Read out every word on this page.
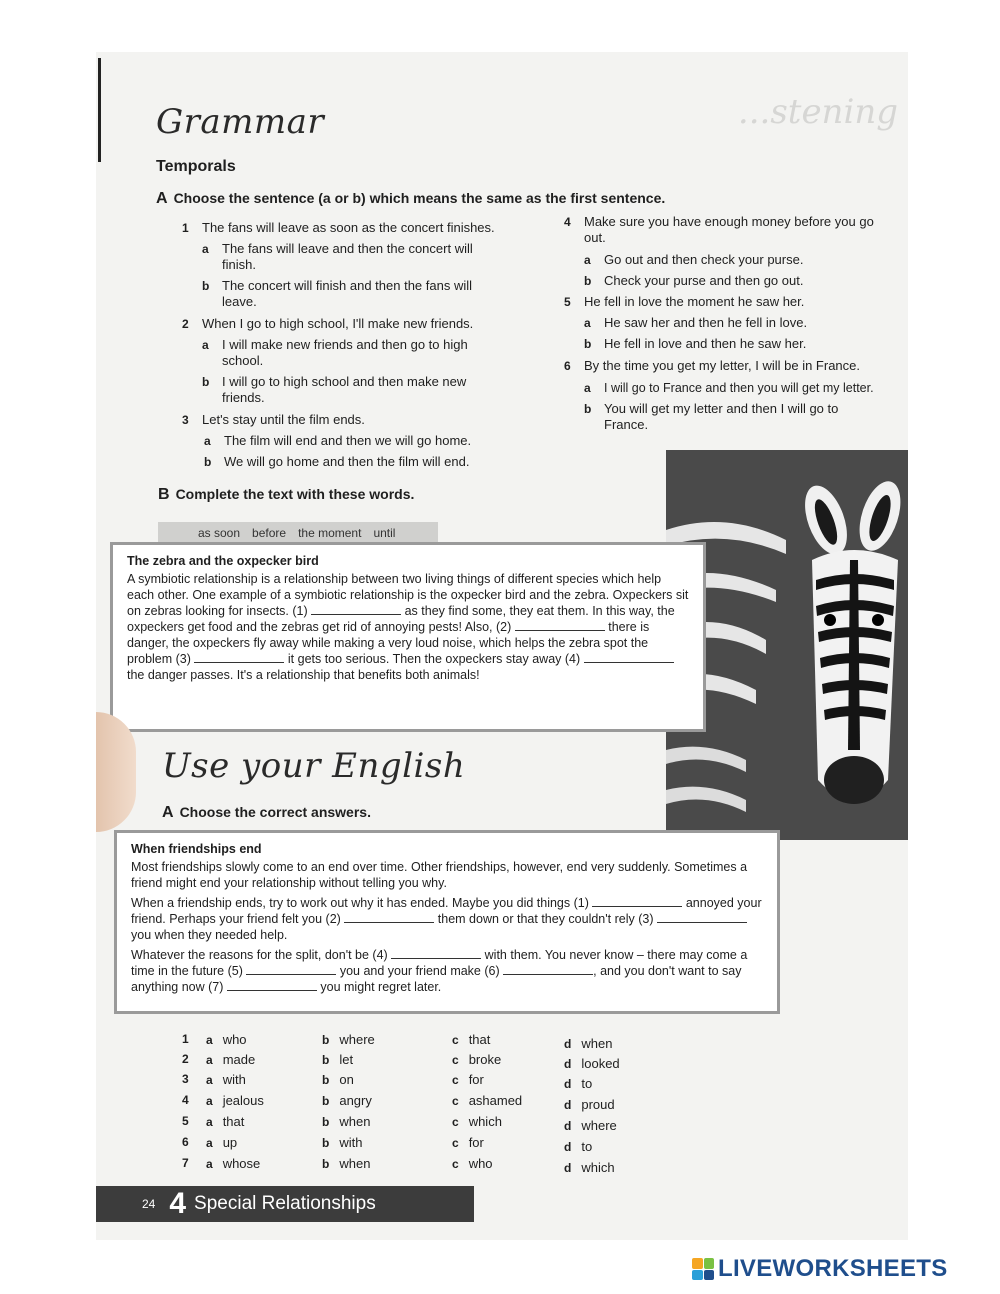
...stening
Grammar
Temporals
A Choose the sentence (a or b) which means the same as the first sentence.
1 The fans will leave as soon as the concert finishes.
a The fans will leave and then the concert will finish.
b The concert will finish and then the fans will leave.
2 When I go to high school, I'll make new friends.
a I will make new friends and then go to high school.
b I will go to high school and then make new friends.
3 Let's stay until the film ends.
a The film will end and then we will go home.
b We will go home and then the film will end.
4 Make sure you have enough money before you go out.
a Go out and then check your purse.
b Check your purse and then go out.
5 He fell in love the moment he saw her.
a He saw her and then he fell in love.
b He fell in love and then he saw her.
6 By the time you get my letter, I will be in France.
a I will go to France and then you will get my letter.
b You will get my letter and then I will go to France.
B Complete the text with these words.
as soon before the moment until
The zebra and the oxpecker bird

A symbiotic relationship is a relationship between two living things of different species which help each other. One example of a symbiotic relationship is the oxpecker bird and the zebra. Oxpeckers sit on zebras looking for insects. (1)	as they find some, they eat them. In this way, the oxpeckers get food and the zebras get rid of annoying pests! Also, (2)	there is danger, the oxpeckers fly away while making a very loud noise, which helps the zebra spot the problem (3)	it gets too serious. Then the oxpeckers stay away (4)  the danger passes. It's a relationship that benefits both animals!

Use your English
A Choose the correct answers.
When friendships end

Most friendships slowly come to an end over time. Other friendships, however, end very suddenly. Sometimes a friend might end your relationship without telling you why.

When a friendship ends, try to work out why it has ended. Maybe you did things (1)	annoyed your friend. Perhaps your friend felt you (2)	them down or that they couldn't rely (3)  you when they needed help.

Whatever the reasons for the split, don't be (4)	with them. You never know – there may come a time in the future (5)	you and your friend make (6)	, and you don't want to say anything now (7)	you might regret later.

1 a who	b where	c that	d when
2 a made	b let	c broke	d looked
3 a with	b on	c for	d to
4 a jealous	b angry	c ashamed	d proud
5 a that	b when	c which	d where
6 a up	b with	c for	d to
7 a whose	b when	c who	d which
24 4 Special Relationships
LIVEWORKSHEETS
